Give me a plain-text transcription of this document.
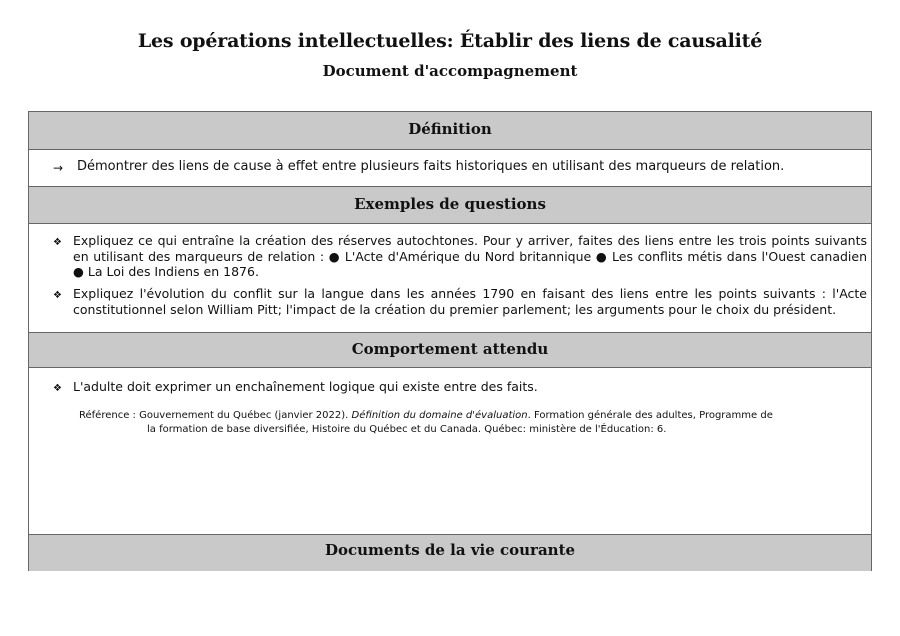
Les opérations intellectuelles: Établir des liens de causalité
Document d'accompagnement
Définition
→ Démontrer des liens de cause à effet entre plusieurs faits historiques en utilisant des marqueurs de relation.
Exemples de questions
❖ Expliquez ce qui entraîne la création des réserves autochtones. Pour y arriver, faites des liens entre les trois points suivants en utilisant des marqueurs de relation : ● L'Acte d'Amérique du Nord britannique ● Les conflits métis dans l'Ouest canadien ● La Loi des Indiens en 1876.
❖ Expliquez l'évolution du conflit sur la langue dans les années 1790 en faisant des liens entre les points suivants : l'Acte constitutionnel selon William Pitt; l'impact de la création du premier parlement; les arguments pour le choix du président.
Comportement attendu
❖ L'adulte doit exprimer un enchaînement logique qui existe entre des faits.
Référence : Gouvernement du Québec (janvier 2022). Définition du domaine d'évaluation. Formation générale des adultes, Programme de
la formation de base diversifiée, Histoire du Québec et du Canada. Québec: ministère de l'Éducation: 6.
Documents de la vie courante
